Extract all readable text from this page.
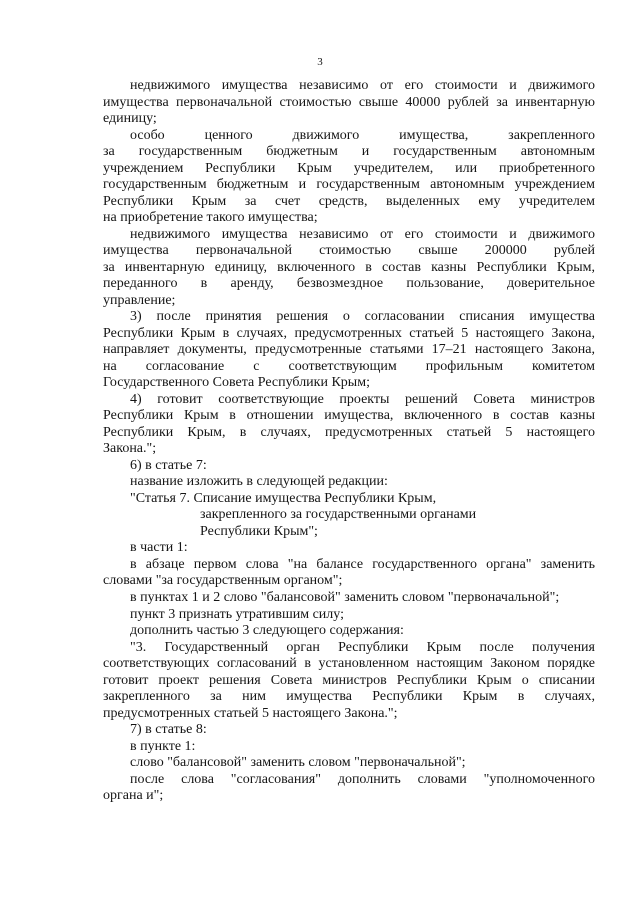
3
недвижимого имущества независимо от его стоимости и движимого
имущества первоначальной стоимостью свыше 40000 рублей за инвентарную
единицу;
особо ценного движимого имущества, закрепленного
за государственным бюджетным и государственным автономным
учреждением Республики Крым учредителем, или приобретенного
государственным бюджетным и государственным автономным учреждением
Республики Крым за счет средств, выделенных ему учредителем
на приобретение такого имущества;
недвижимого имущества независимо от его стоимости и движимого
имущества первоначальной стоимостью свыше 200000 рублей
за инвентарную единицу, включенного в состав казны Республики Крым,
переданного в аренду, безвозмездное пользование, доверительное
управление;
3) после принятия решения о согласовании списания имущества
Республики Крым в случаях, предусмотренных статьей 5 настоящего Закона,
направляет документы, предусмотренные статьями 17–21 настоящего Закона,
на согласование с соответствующим профильным комитетом
Государственного Совета Республики Крым;
4) готовит соответствующие проекты решений Совета министров
Республики Крым в отношении имущества, включенного в состав казны
Республики Крым, в случаях, предусмотренных статьей 5 настоящего
Закона.";
6) в статье 7:
название изложить в следующей редакции:
"Статья 7. Списание имущества Республики Крым,
закрепленного за государственными органами
Республики Крым";
в части 1:
в абзаце первом слова "на балансе государственного органа" заменить
словами "за государственным органом";
в пунктах 1 и 2 слово "балансовой" заменить словом "первоначальной";
пункт 3 признать утратившим силу;
дополнить частью 3 следующего содержания:
"3. Государственный орган Республики Крым после получения
соответствующих согласований в установленном настоящим Законом порядке
готовит проект решения Совета министров Республики Крым о списании
закрепленного за ним имущества Республики Крым в случаях,
предусмотренных статьей 5 настоящего Закона.";
7) в статье 8:
в пункте 1:
слово "балансовой" заменить словом "первоначальной";
после слова "согласования" дополнить словами "уполномоченного
органа и";
